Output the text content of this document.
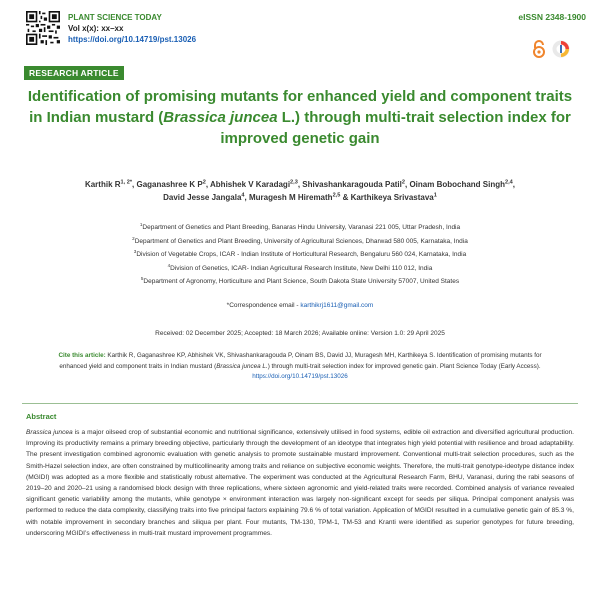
PLANT SCIENCE TODAY
Vol x(x): xx–xx
https://doi.org/10.14719/pst.13026
eISSN 2348-1900
RESEARCH ARTICLE
Identification of promising mutants for enhanced yield and component traits in Indian mustard (Brassica juncea L.) through multi-trait selection index for improved genetic gain
Karthik $R^{1, 2*}$, Gaganashree K $P^2$, Abhishek V Karadagi$^{2,3}$, Shivashankaragouda Patil$^2$, Oinam Bobochand Singh$^{2,4}$,
David Jesse Jangala$^4$, Muragesh M Hiremath$^{2,5}$ & Karthikeya Srivastava$^1$
$^1$Department of Genetics and Plant Breeding, Banaras Hindu University, Varanasi 221 005, Uttar Pradesh, India
$^2$Department of Genetics and Plant Breeding, University of Agricultural Sciences, Dharwad 580 005, Karnataka, India
$^3$Division of Vegetable Crops, ICAR - Indian Institute of Horticultural Research, Bengaluru 560 024, Karnataka, India
$^4$Division of Genetics, ICAR- Indian Agricultural Research Institute, New Delhi 110 012, India
$^5$Department of Agronomy, Horticulture and Plant Science, South Dakota State University 57007, United States
*Correspondence email - karthikrj1611@gmail.com
Received: 02 December 2025; Accepted: 18 March 2026; Available online: Version 1.0: 29 April 2025
Cite this article: Karthik R, Gaganashree KP, Abhishek VK, Shivashankaragouda P, Oinam BS, David JJ, Muragesh MH, Karthikeya S. Identification of promising mutants for enhanced yield and component traits in Indian mustard (Brassica juncea L.) through multi-trait selection index for improved genetic gain. Plant Science Today (Early Access). https://doi.org/10.14719/pst.13026
Abstract
Brassica juncea is a major oilseed crop of substantial economic and nutritional significance, extensively utilised in food systems, edible oil extraction and diversified agricultural production. Improving its productivity remains a primary breeding objective, particularly through the development of an ideotype that integrates high yield potential with resilience and broad adaptability. The present investigation combined agronomic evaluation with genetic analysis to promote sustainable mustard improvement. Conventional multi-trait selection procedures, such as the Smith-Hazel selection index, are often constrained by multicollinearity among traits and reliance on subjective economic weights. Therefore, the multi-trait genotype-ideotype distance index (MGIDI) was adopted as a more flexible and statistically robust alternative. The experiment was conducted at the Agricultural Research Farm, BHU, Varanasi, during the rabi seasons of 2019–20 and 2020–21 using a randomised block design with three replications, where sixteen agronomic and yield-related traits were recorded. Combined analysis of variance revealed significant genetic variability among the mutants, while genotype × environment interaction was largely non-significant except for seeds per siliqua. Principal component analysis was performed to reduce the data complexity, classifying traits into five principal factors explaining 79.6 % of total variation. Application of MGIDI resulted in a cumulative genetic gain of 85.3 %, with notable improvement in secondary branches and siliqua per plant. Four mutants, TM-130, TPM-1, TM-53 and Kranti were identified as superior genotypes for future breeding, underscoring MGIDI’s effectiveness in multi-trait mustard improvement programmes.
